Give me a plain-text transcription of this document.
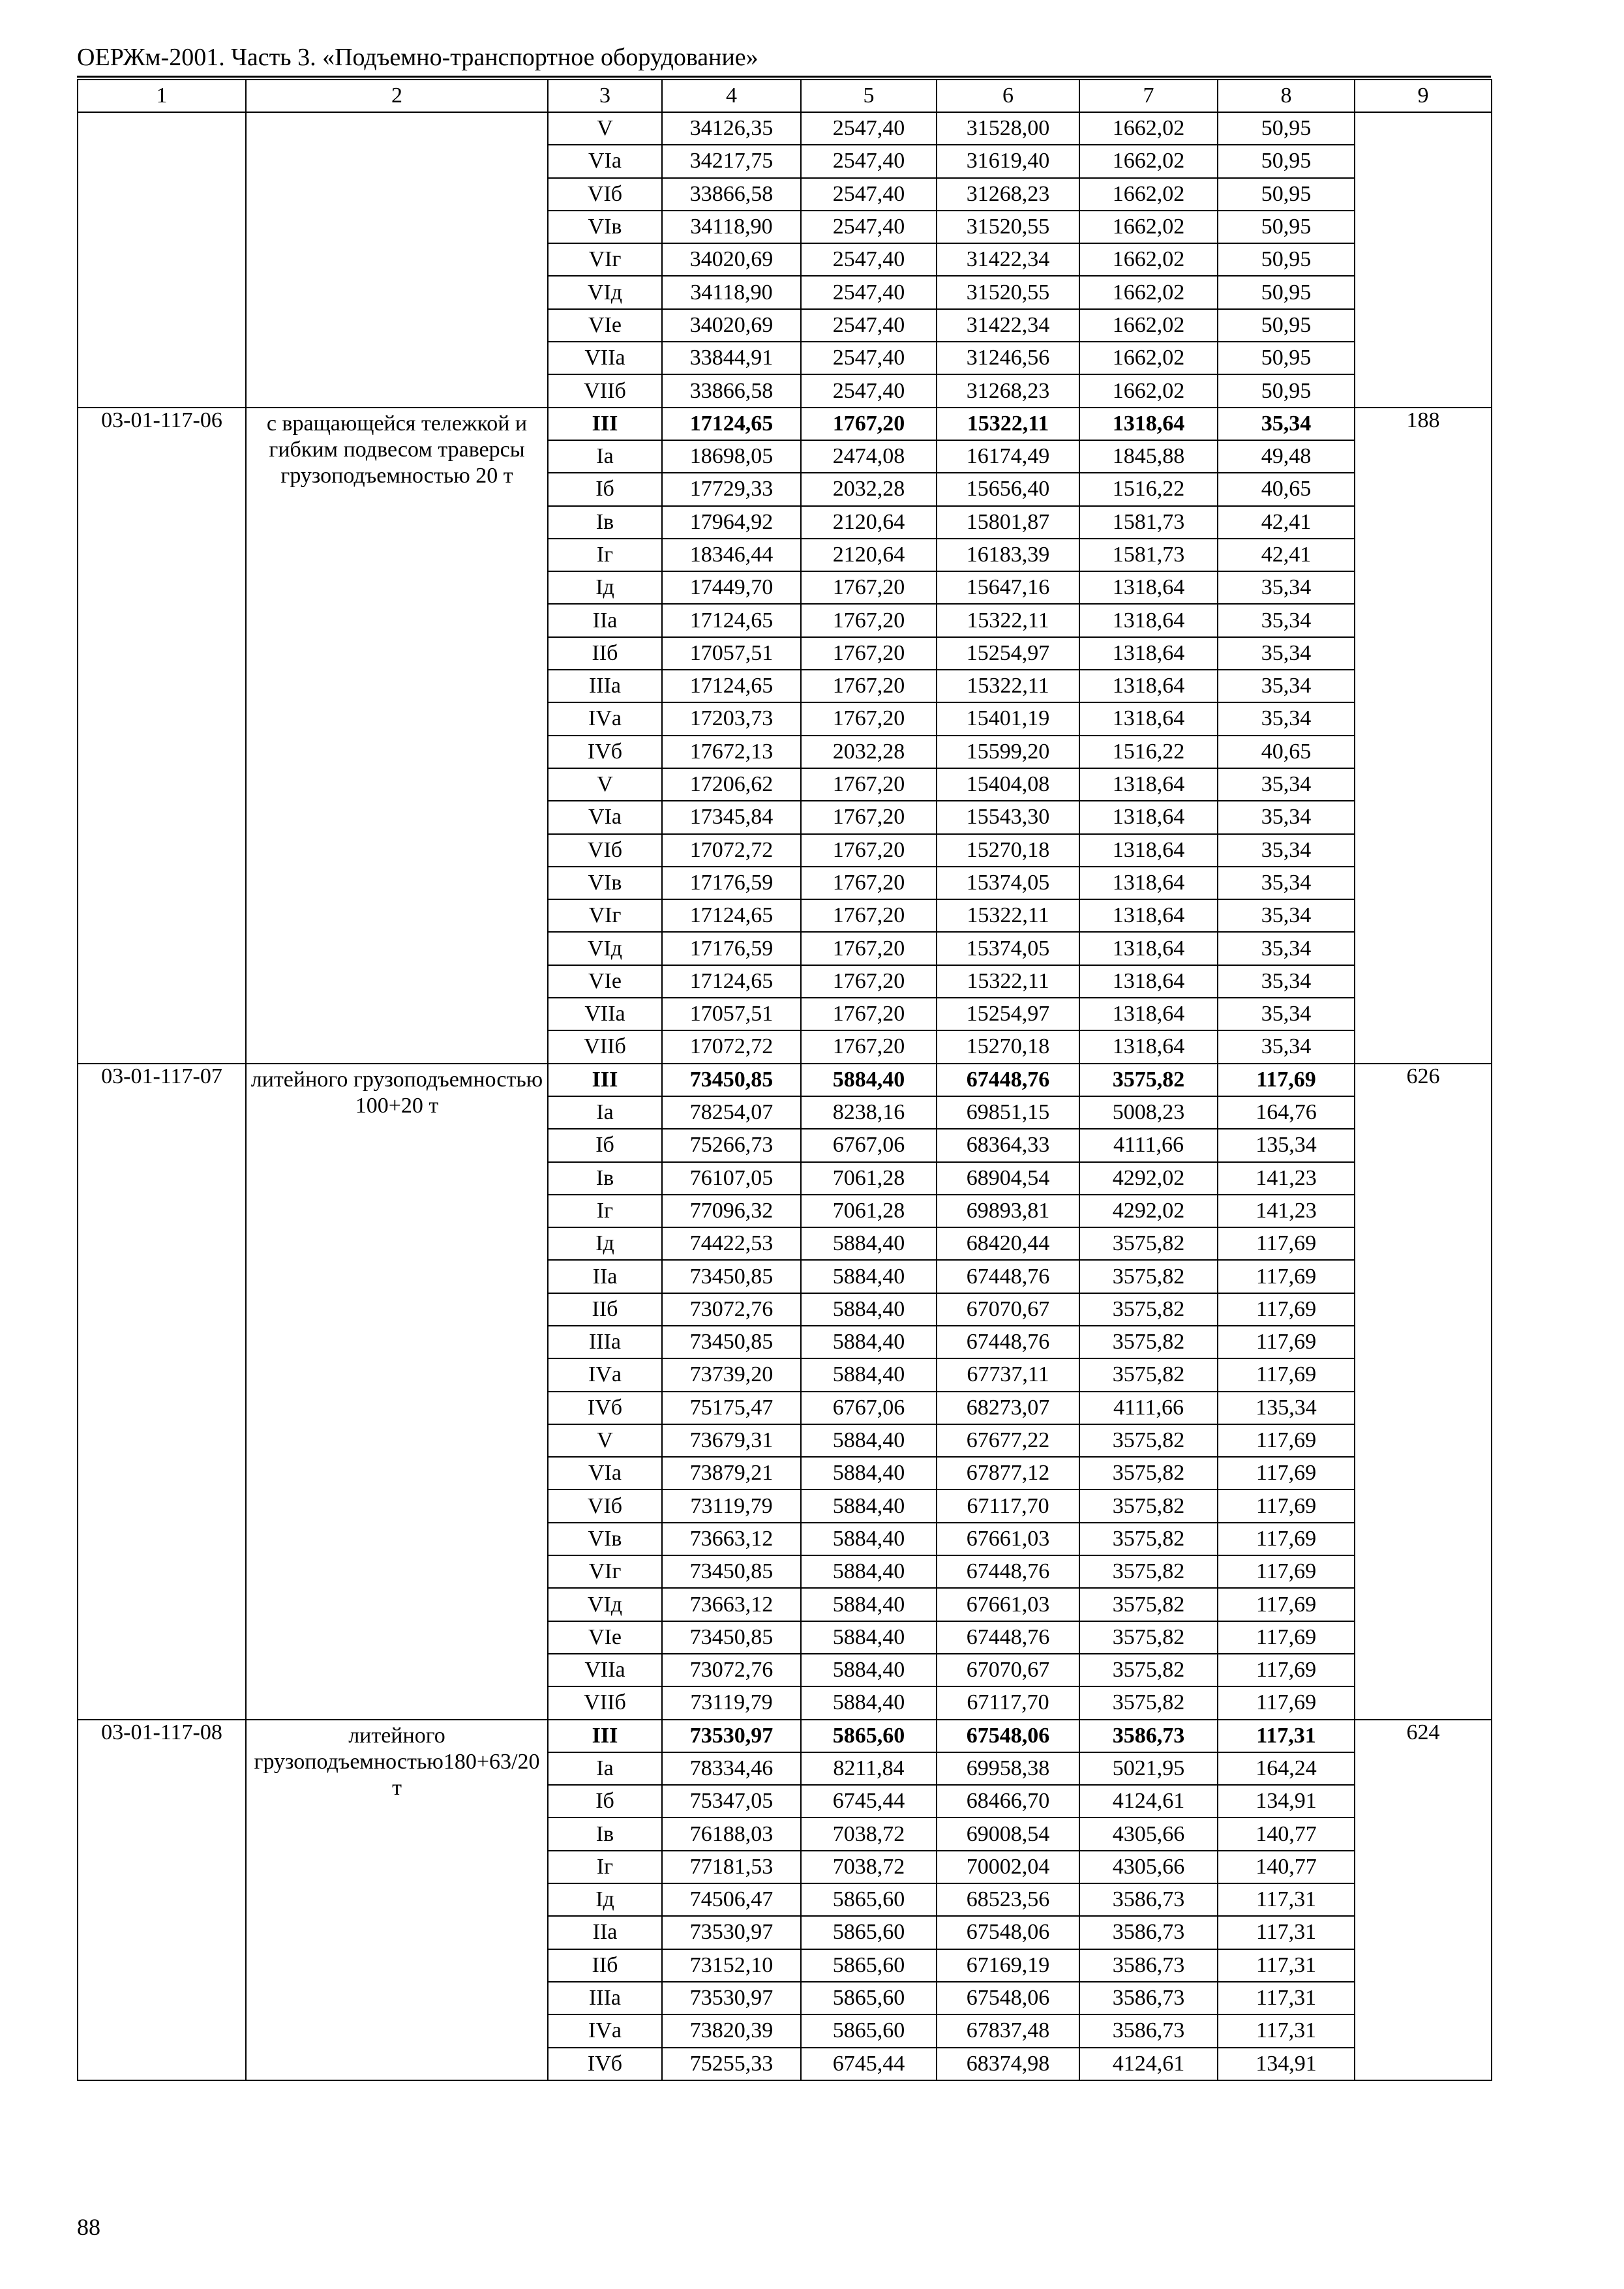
ОЕРЖм-2001. Часть 3. «Подъемно-транспортное оборудование»
1	2	3	4	5	6	7	8	9
		V	34126,35	2547,40	31528,00	1662,02	50,95	
		VIа	34217,75	2547,40	31619,40	1662,02	50,95	
		VIб	33866,58	2547,40	31268,23	1662,02	50,95	
		VIв	34118,90	2547,40	31520,55	1662,02	50,95	
		VIг	34020,69	2547,40	31422,34	1662,02	50,95	
		VIд	34118,90	2547,40	31520,55	1662,02	50,95	
		VIе	34020,69	2547,40	31422,34	1662,02	50,95	
		VIIа	33844,91	2547,40	31246,56	1662,02	50,95	
		VIIб	33866,58	2547,40	31268,23	1662,02	50,95	
03-01-117-06	с вращающейся тележкой и гибким подвесом траверсы грузоподъемностью 20 т	III	17124,65	1767,20	15322,11	1318,64	35,34	188
		Iа	18698,05	2474,08	16174,49	1845,88	49,48	
		Iб	17729,33	2032,28	15656,40	1516,22	40,65	
		Iв	17964,92	2120,64	15801,87	1581,73	42,41	
		Iг	18346,44	2120,64	16183,39	1581,73	42,41	
		Iд	17449,70	1767,20	15647,16	1318,64	35,34	
		IIа	17124,65	1767,20	15322,11	1318,64	35,34	
		IIб	17057,51	1767,20	15254,97	1318,64	35,34	
		IIIа	17124,65	1767,20	15322,11	1318,64	35,34	
		IVа	17203,73	1767,20	15401,19	1318,64	35,34	
		IVб	17672,13	2032,28	15599,20	1516,22	40,65	
		V	17206,62	1767,20	15404,08	1318,64	35,34	
		VIа	17345,84	1767,20	15543,30	1318,64	35,34	
		VIб	17072,72	1767,20	15270,18	1318,64	35,34	
		VIв	17176,59	1767,20	15374,05	1318,64	35,34	
		VIг	17124,65	1767,20	15322,11	1318,64	35,34	
		VIд	17176,59	1767,20	15374,05	1318,64	35,34	
		VIе	17124,65	1767,20	15322,11	1318,64	35,34	
		VIIа	17057,51	1767,20	15254,97	1318,64	35,34	
		VIIб	17072,72	1767,20	15270,18	1318,64	35,34	
03-01-117-07	литейного грузоподъемностью 100+20 т	III	73450,85	5884,40	67448,76	3575,82	117,69	626
		Iа	78254,07	8238,16	69851,15	5008,23	164,76	
		Iб	75266,73	6767,06	68364,33	4111,66	135,34	
		Iв	76107,05	7061,28	68904,54	4292,02	141,23	
		Iг	77096,32	7061,28	69893,81	4292,02	141,23	
		Iд	74422,53	5884,40	68420,44	3575,82	117,69	
		IIа	73450,85	5884,40	67448,76	3575,82	117,69	
		IIб	73072,76	5884,40	67070,67	3575,82	117,69	
		IIIа	73450,85	5884,40	67448,76	3575,82	117,69	
		IVа	73739,20	5884,40	67737,11	3575,82	117,69	
		IVб	75175,47	6767,06	68273,07	4111,66	135,34	
		V	73679,31	5884,40	67677,22	3575,82	117,69	
		VIа	73879,21	5884,40	67877,12	3575,82	117,69	
		VIб	73119,79	5884,40	67117,70	3575,82	117,69	
		VIв	73663,12	5884,40	67661,03	3575,82	117,69	
		VIг	73450,85	5884,40	67448,76	3575,82	117,69	
		VIд	73663,12	5884,40	67661,03	3575,82	117,69	
		VIе	73450,85	5884,40	67448,76	3575,82	117,69	
		VIIа	73072,76	5884,40	67070,67	3575,82	117,69	
		VIIб	73119,79	5884,40	67117,70	3575,82	117,69	
03-01-117-08	литейного грузоподъемностью180+63/20 т	III	73530,97	5865,60	67548,06	3586,73	117,31	624
		Iа	78334,46	8211,84	69958,38	5021,95	164,24	
		Iб	75347,05	6745,44	68466,70	4124,61	134,91	
		Iв	76188,03	7038,72	69008,54	4305,66	140,77	
		Iг	77181,53	7038,72	70002,04	4305,66	140,77	
		Iд	74506,47	5865,60	68523,56	3586,73	117,31	
		IIа	73530,97	5865,60	67548,06	3586,73	117,31	
		IIб	73152,10	5865,60	67169,19	3586,73	117,31	
		IIIа	73530,97	5865,60	67548,06	3586,73	117,31	
		IVа	73820,39	5865,60	67837,48	3586,73	117,31	
		IVб	75255,33	6745,44	68374,98	4124,61	134,91	
88
